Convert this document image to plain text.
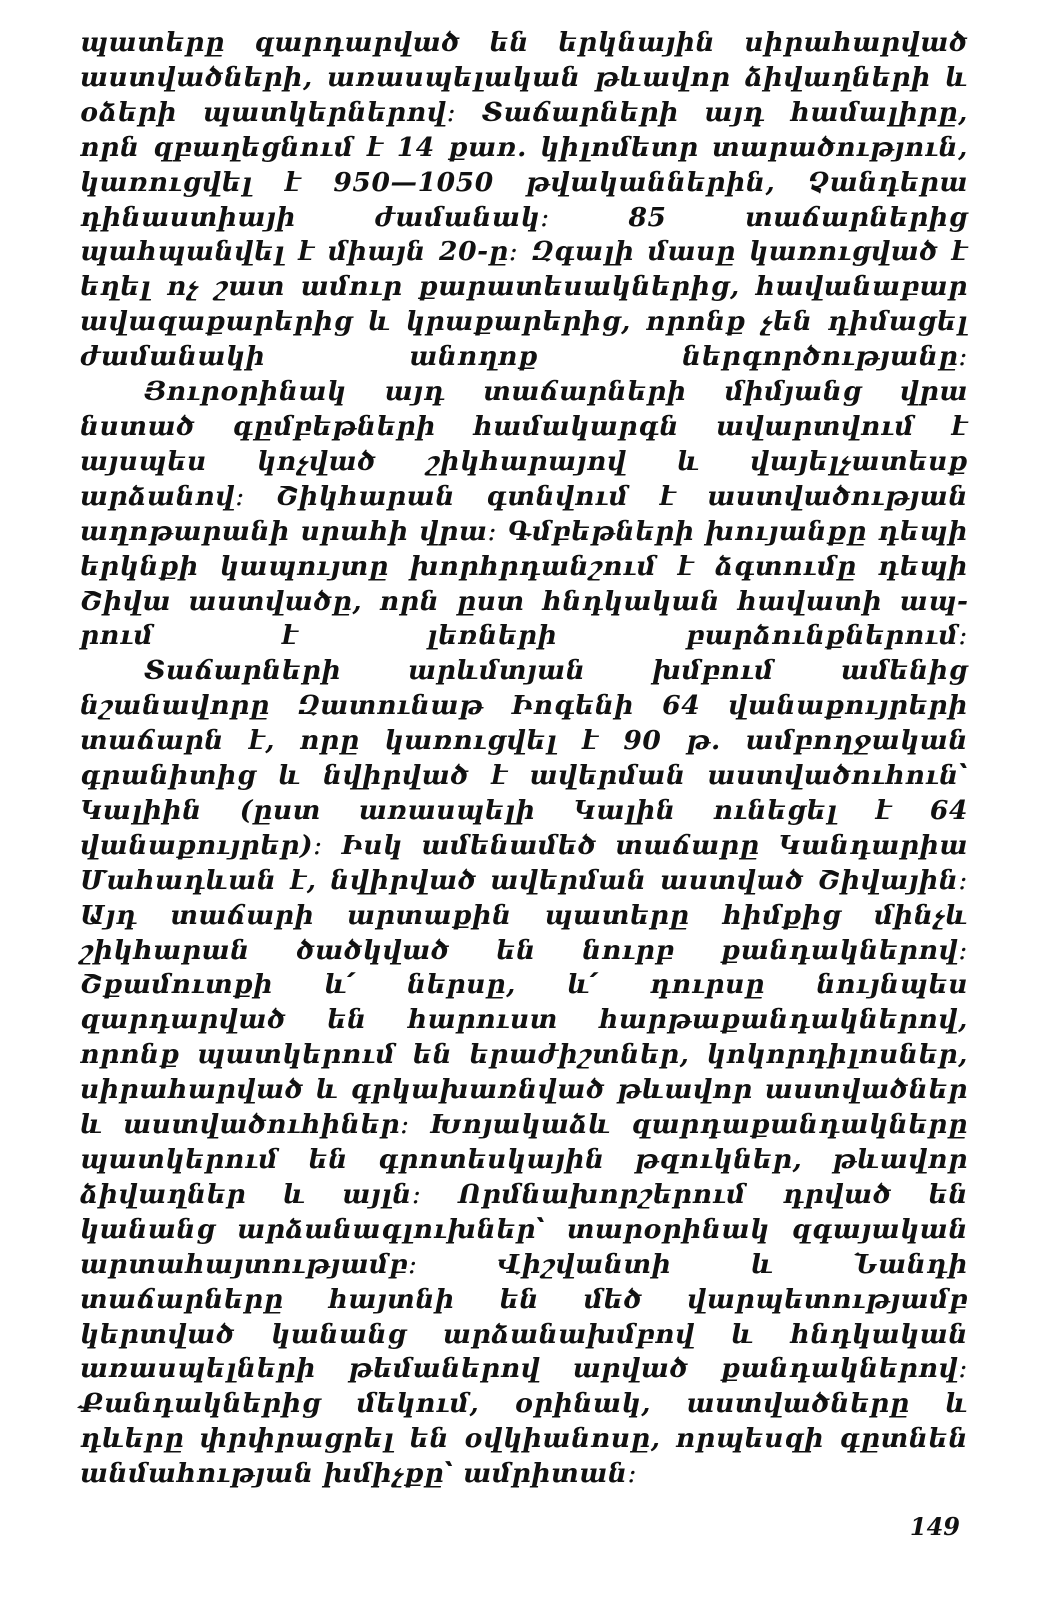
պատերը զարդարված են երկնային սիրահարված աստվածների, առասպելական թևավոր ձիվաղների և օձերի պատկերներով։ Տաճարների այդ համալիրը, որն զբաղեցնում է 14 քառ. կիլոմետր տարածություն, կառուցվել է 950—1050 թվականներին, Չանդերա դինաստիայի ժամանակ։ 85 տաճարներից պահպանվել է միայն 20-ը։ Զգալի մասը կառուցված է եղել ոչ շատ ամուր քարատեսակներից, հավանաբար ավազաքարերից և կրաքարերից, որոնք չեն դիմացել ժամանակի անողոք ներգործությանը։

Յուրօրինակ այդ տաճարների միմյանց վրա նստած գըմբեթների համակարգն ավարտվում է այսպես կոչված շիկհարայով և վայելչատեսք արձանով։ Շիկհարան գտնվում է աստվածության աղոթարանի սրահի վրա։ Գմբեթների խույանքը դեպի երկնքի կապույտը խորհրդանշում է ձգտումը դեպի Շիվա աստվածը, որն ըստ հնդկական հավատի ապրում է լեռների բարձունքներում։

Տաճարների արևմտյան խմբում ամենից նշանավորը Զատունաթ Իոգենի 64 վանաքույրերի տաճարն է, որը կառուցվել է 90 թ. ամբողջական գրանիտից և նվիրված է ավերման աստվածուհուն՝ Կալիին (ըստ առասպելի Կալին ունեցել է 64 վանաքույրեր)։ Իսկ ամենամեծ տաճարը Կանդարիա Մահադևան է, նվիրված ավերման աստված Շիվային։ Այդ տաճարի արտաքին պատերը հիմքից մինչև շիկհարան ծածկված են նուրբ քանդակներով։ Շքամուտքի և՛ ներսը, և՛ դուրսը նույնպես զարդարված են հարուստ հարթաքանդակներով, որոնք պատկերում են երաժիշտներ, կոկորդիլոսներ, սիրահարված և գրկախառնված թևավոր աստվածներ և աստվածուհիներ։ Խոյակաձև զարդաքանդակները պատկերում են գրոտեսկային թզուկներ, թևավոր ձիվաղներ և այլն։ Որմնախորշերում դրված են կանանց արձանագլուխներ՝ տարօրինակ զգայական արտահայտությամբ։ Վիշվանտի և Նանդի տաճարները հայտնի են մեծ վարպետությամբ կերտված կանանց արձանախմբով և հնդկական առասպելների թեմաներով արված քանդակներով։ Քանդակներից մեկում, օրինակ, աստվածները և դևերը փրփրացրել են օվկիանոսը, որպեսզի գըտնեն անմահության խմիչքը՝ ամրիտան։

149
